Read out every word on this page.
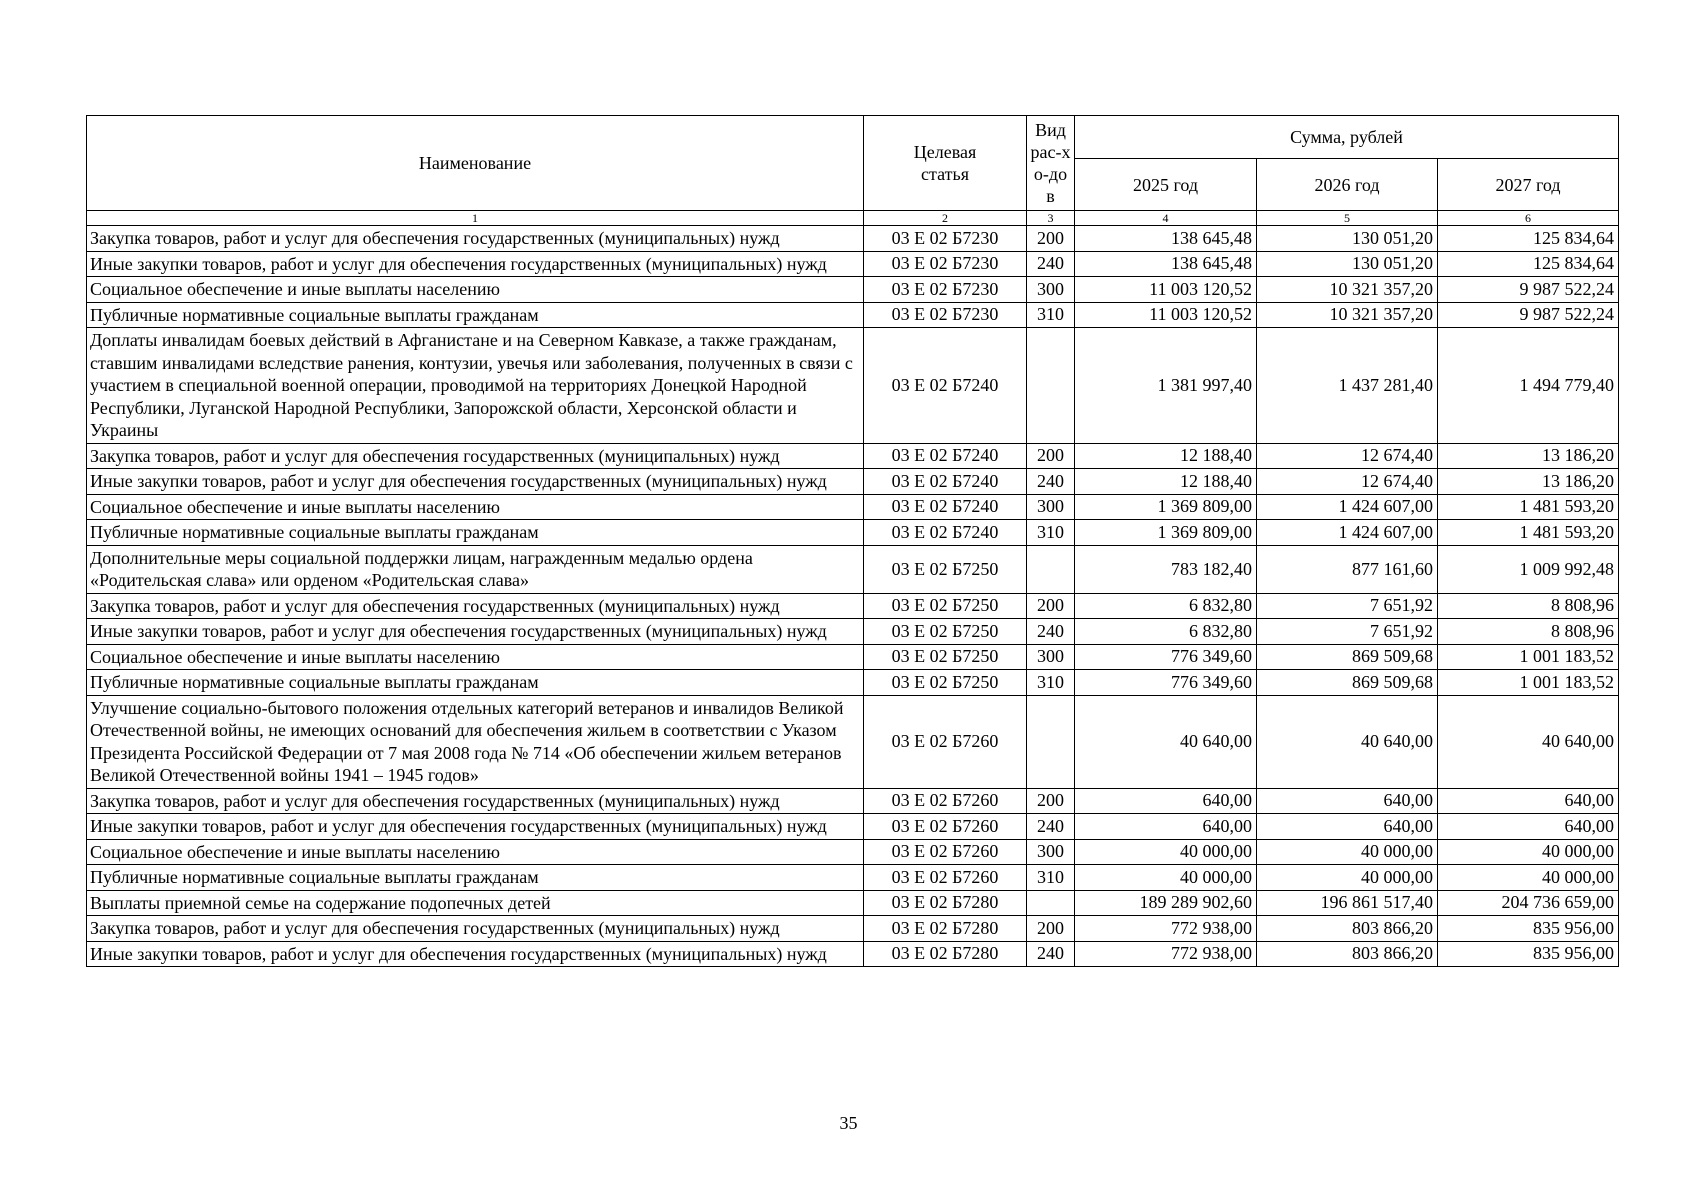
Наименование	Целевая статья	Вид рас-хо-дов	Сумма, рублей		
			2025 год	2026 год	2027 год
1	2	3	4	5	6
Закупка товаров, работ и услуг для обеспечения государственных (муниципальных) нужд	03 Е 02 Б7230	200	138 645,48	130 051,20	125 834,64
Иные закупки товаров, работ и услуг для обеспечения государственных (муниципальных) нужд	03 Е 02 Б7230	240	138 645,48	130 051,20	125 834,64
Социальное обеспечение и иные выплаты населению	03 Е 02 Б7230	300	11 003 120,52	10 321 357,20	9 987 522,24
Публичные нормативные социальные выплаты гражданам	03 Е 02 Б7230	310	11 003 120,52	10 321 357,20	9 987 522,24
Доплаты инвалидам боевых действий в Афганистане и на Северном Кавказе, а также гражданам, ставшим инвалидами вследствие ранения, контузии, увечья или заболевания, полученных в связи с участием в специальной военной операции, проводимой на территориях Донецкой Народной Республики, Луганской Народной Республики, Запорожской области, Херсонской области и Украины	03 Е 02 Б7240		1 381 997,40	1 437 281,40	1 494 779,40
Закупка товаров, работ и услуг для обеспечения государственных (муниципальных) нужд	03 Е 02 Б7240	200	12 188,40	12 674,40	13 186,20
Иные закупки товаров, работ и услуг для обеспечения государственных (муниципальных) нужд	03 Е 02 Б7240	240	12 188,40	12 674,40	13 186,20
Социальное обеспечение и иные выплаты населению	03 Е 02 Б7240	300	1 369 809,00	1 424 607,00	1 481 593,20
Публичные нормативные социальные выплаты гражданам	03 Е 02 Б7240	310	1 369 809,00	1 424 607,00	1 481 593,20
Дополнительные меры социальной поддержки лицам, награжденным медалью ордена «Родительская слава» или орденом «Родительская слава»	03 Е 02 Б7250		783 182,40	877 161,60	1 009 992,48
Закупка товаров, работ и услуг для обеспечения государственных (муниципальных) нужд	03 Е 02 Б7250	200	6 832,80	7 651,92	8 808,96
Иные закупки товаров, работ и услуг для обеспечения государственных (муниципальных) нужд	03 Е 02 Б7250	240	6 832,80	7 651,92	8 808,96
Социальное обеспечение и иные выплаты населению	03 Е 02 Б7250	300	776 349,60	869 509,68	1 001 183,52
Публичные нормативные социальные выплаты гражданам	03 Е 02 Б7250	310	776 349,60	869 509,68	1 001 183,52
Улучшение социально-бытового положения отдельных категорий ветеранов и инвалидов Великой Отечественной войны, не имеющих оснований для обеспечения жильем в соответствии с Указом Президента Российской Федерации от 7 мая 2008 года № 714 «Об обеспечении жильем ветеранов Великой Отечественной войны 1941 – 1945 годов»	03 Е 02 Б7260		40 640,00	40 640,00	40 640,00
Закупка товаров, работ и услуг для обеспечения государственных (муниципальных) нужд	03 Е 02 Б7260	200	640,00	640,00	640,00
Иные закупки товаров, работ и услуг для обеспечения государственных (муниципальных) нужд	03 Е 02 Б7260	240	640,00	640,00	640,00
Социальное обеспечение и иные выплаты населению	03 Е 02 Б7260	300	40 000,00	40 000,00	40 000,00
Публичные нормативные социальные выплаты гражданам	03 Е 02 Б7260	310	40 000,00	40 000,00	40 000,00
Выплаты приемной семье на содержание подопечных детей	03 Е 02 Б7280		189 289 902,60	196 861 517,40	204 736 659,00
Закупка товаров, работ и услуг для обеспечения государственных (муниципальных) нужд	03 Е 02 Б7280	200	772 938,00	803 866,20	835 956,00
Иные закупки товаров, работ и услуг для обеспечения государственных (муниципальных) нужд	03 Е 02 Б7280	240	772 938,00	803 866,20	835 956,00
35
